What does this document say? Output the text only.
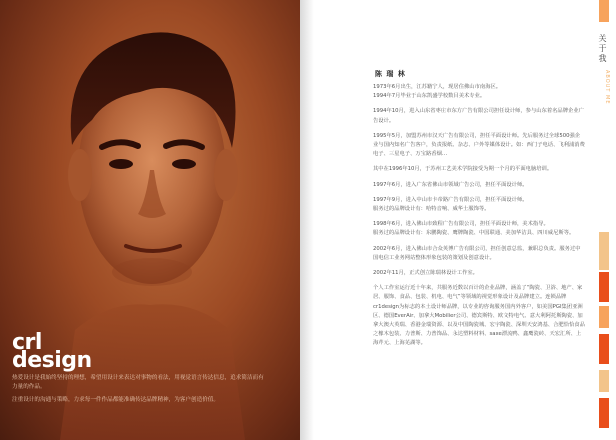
crl
design

热爱设计是我始终坚持的理想，希望用设计来表达对事物的看法，用视觉语言传达信息，追求简洁而有力量的作品。

注重设计的沟通与策略，力求每一件作品都能准确传达品牌精神，为客户创造价值。

关于我
ABOUT ME
陈 瑞 林

1973年6月出生，江苏籍宁人，现居住佛山市南海区。
1994年7月毕业于山东凯盛学校数目美术专业。

1994年10月，进入山东省枣庄市东方广告有限公司担任设计师，参与山东着名品牌企业广告设计。

1995年5月，加盟苏州市汉天广告有限公司，担任平面设计师。先后服务过全球500强企业与国内知名广告客户，负责报纸、杂志、户外等媒体设计。如：西门子电话、飞利浦消费电子、三星电子、万宝路香烟…

其中在1996年10月，于苏州工艺美术学院接受为期一个月的平面电脑培训。

1997年6月，进入广东省佛山市领域广告公司，担任平面设计师。

1997年9月，进入中山市卡帝路广告有限公司，担任平面设计师。
服务过的品牌设计有：哈特音响、威华士服饰等。

1998年6月，进入佛山市致程广告有限公司，担任平面设计师，美术指导。
服务过的品牌设计有：东鹏陶瓷、鹰牌陶瓷、中国联通、美加华洁具、四川威尼斯等。

2002年6月，进入佛山市合众英博广告有限公司，担任创意总监，兼职总负责。服务过中国电信工业务网站整体形象包装的策划及创意设计。

2002年11月，正式创立陈瑞林设计工作室。

个人工作室运行近十年来，共服务近数以百计的企业品牌，涵盖了“陶瓷、卫浴、地产、家居、服饰、食品、包装、机电、电气”等领域的视觉形象设计及品牌建立。连锁品牌cr1design为标志的本土设计师品牌，以专业的咨询服务国内外客户，如美国PGI集团亚洲区、德国EverAir、加拿大Mobilier公司、德宾斯特、欧文特电气、意大利阿托斯陶瓷、加拿大澳大英瑞、香港金瑞资源、以及中国陶瓷城、宏宇陶瓷、深圳天安鸿基、合肥恰恰食品之橡木包装、力普斯、力普饰品、永达塑料材料、saxe漂流鸭、鑫鹰瓷砖、天宏汇所、上海芹元、上海芜湖等。
